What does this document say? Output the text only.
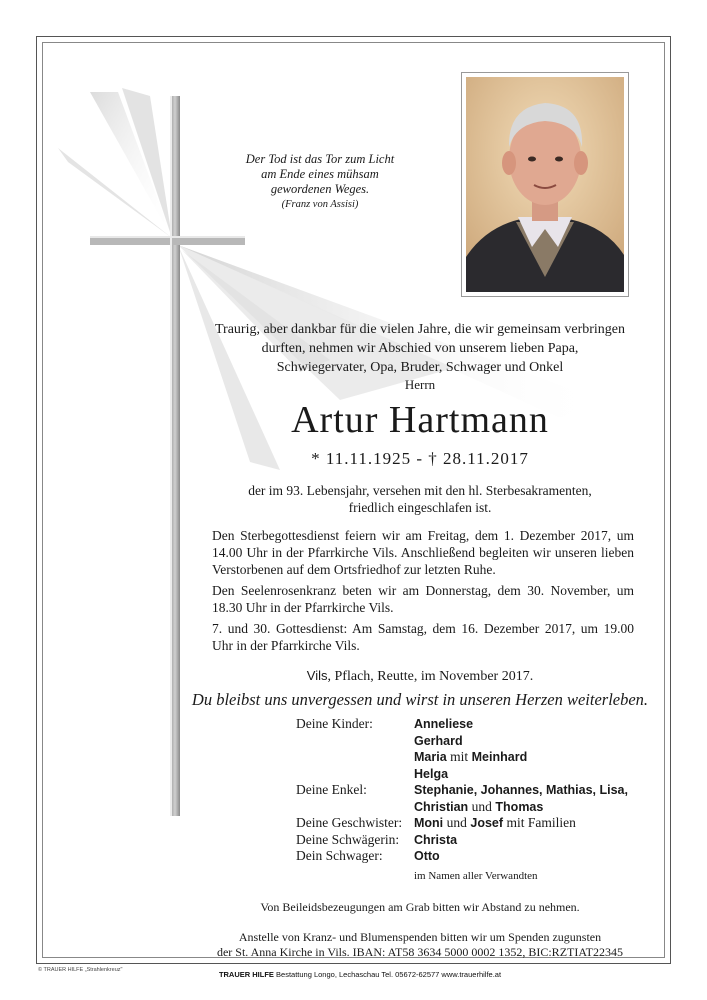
Der Tod ist das Tor zum Licht
am Ende eines mühsam
gewordenen Weges.
(Franz von Assisi)
Traurig, aber dankbar für die vielen Jahre, die wir gemeinsam verbringen
durften, nehmen wir Abschied von unserem lieben Papa,
Schwiegervater, Opa, Bruder, Schwager und Onkel
Herrn
Artur Hartmann
* 11.11.1925 - † 28.11.2017
der im 93. Lebensjahr, versehen mit den hl. Sterbesakramenten,
friedlich eingeschlafen ist.
Den Sterbegottesdienst feiern wir am Freitag, dem 1. Dezember 2017, um 14.00 Uhr in der Pfarrkirche Vils. Anschließend begleiten wir unseren lieben Verstorbenen auf dem Ortsfriedhof zur letzten Ruhe.
Den Seelenrosenkranz beten wir am Donnerstag, dem 30. November, um 18.30 Uhr in der Pfarrkirche Vils.
7. und 30. Gottesdienst: Am Samstag, dem 16. Dezember 2017, um 19.00 Uhr in der Pfarrkirche Vils.
Vils, Pflach, Reutte, im November 2017.
Du bleibst uns unvergessen und wirst in unseren Herzen weiterleben.
Deine Kinder:	Anneliese
Gerhard
Maria mit Meinhard
Helga
Deine Enkel:	Stephanie, Johannes, Mathias, Lisa,
Christian und Thomas
Deine Geschwister: Moni und Josef mit Familien
Deine Schwägerin:	Christa
Dein Schwager:	Otto
im Namen aller Verwandten
Von Beileidsbezeugungen am Grab bitten wir Abstand zu nehmen.
Anstelle von Kranz- und Blumenspenden bitten wir um Spenden zugunsten
der St. Anna Kirche in Vils. IBAN: AT58 3634 5000 0002 1352, BIC:RZTIAT22345
© TRAUER HILFE „Strahlenkreuz"	TRAUER HILFE Bestattung Longo, Lechaschau Tel. 05672-62577 www.trauerhilfe.at
